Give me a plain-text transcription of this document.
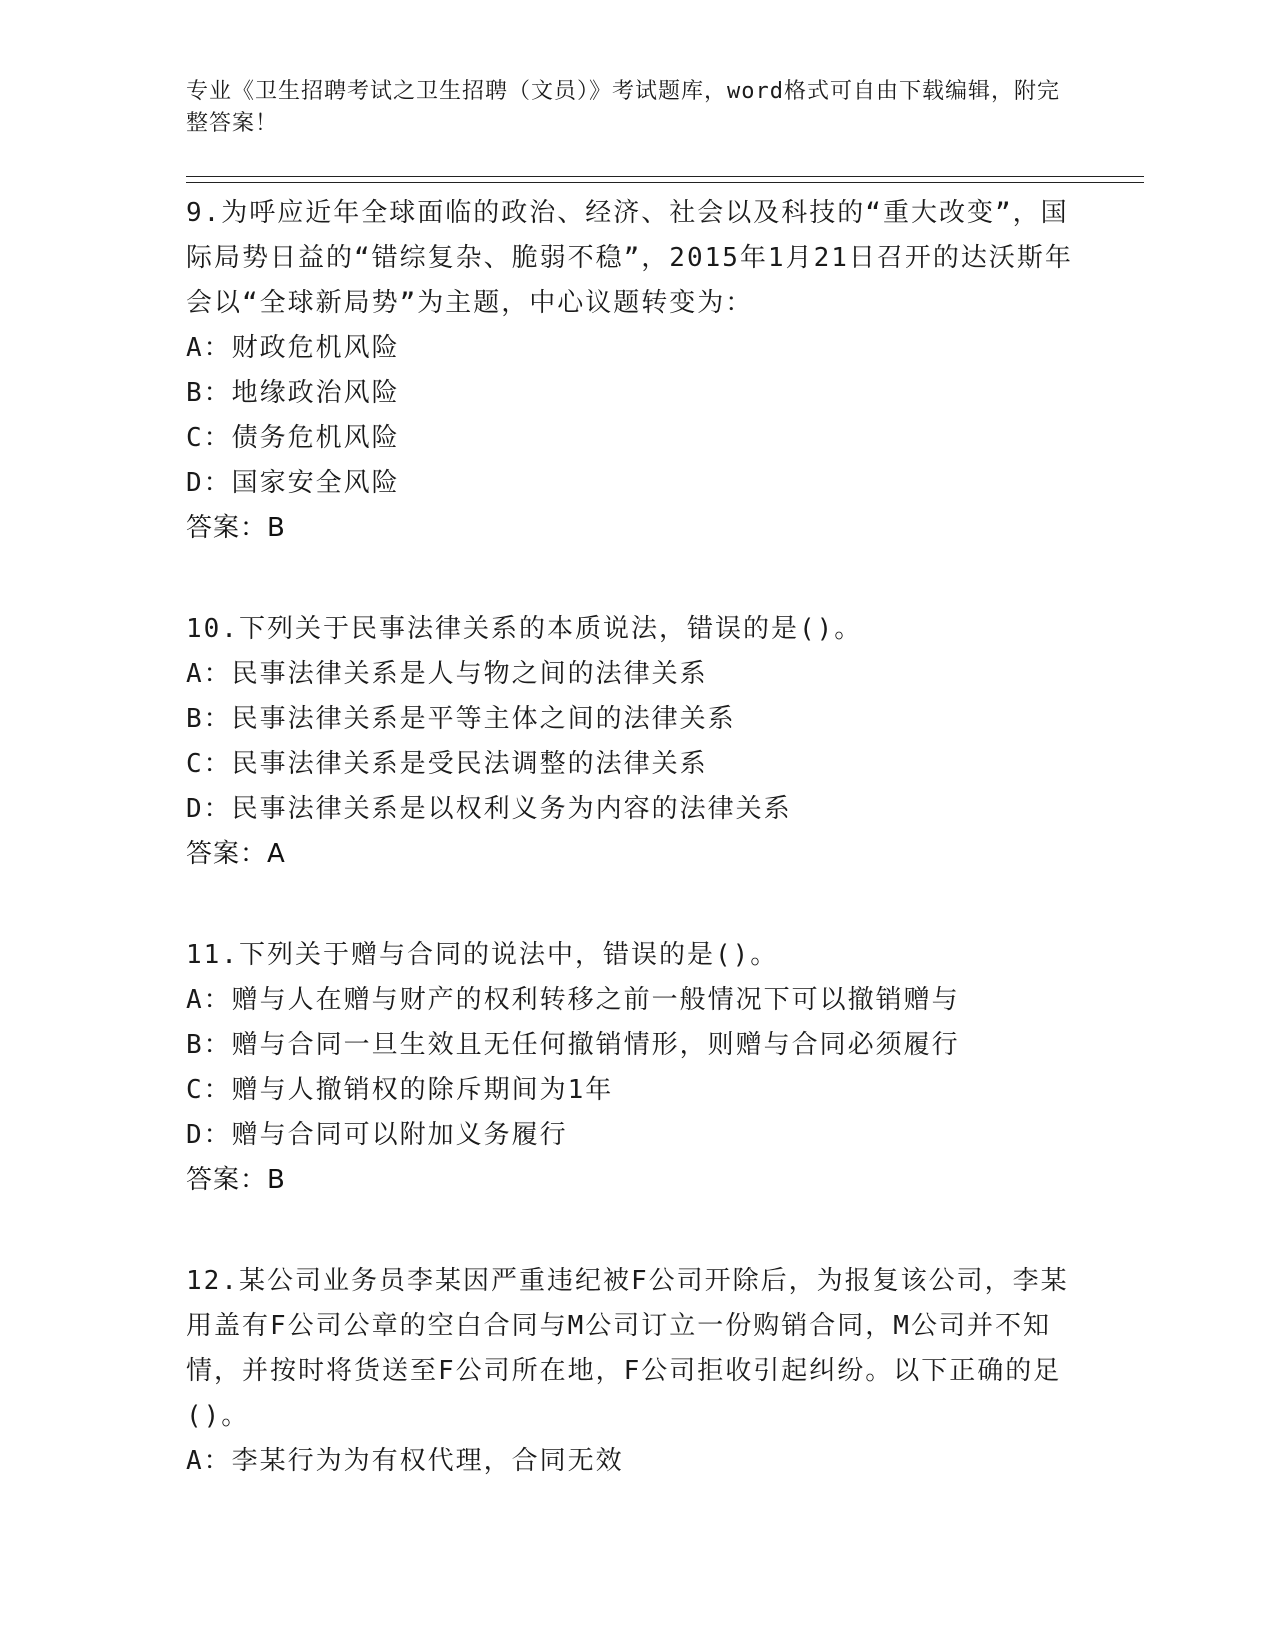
专业《卫生招聘考试之卫生招聘（文员）》考试题库，word格式可自由下载编辑，附完整答案！

9.为呼应近年全球面临的政治、经济、社会以及科技的“重大改变”，国际局势日益的“错综复杂、脆弱不稳”，2015年1月21日召开的达沃斯年会以“全球新局势”为主题，中心议题转变为：

A：财政危机风险

B：地缘政治风险

C：债务危机风险

D：国家安全风险

答案：B

10.下列关于民事法律关系的本质说法，错误的是()。

A：民事法律关系是人与物之间的法律关系

B：民事法律关系是平等主体之间的法律关系

C：民事法律关系是受民法调整的法律关系

D：民事法律关系是以权利义务为内容的法律关系

答案：A

11.下列关于赠与合同的说法中，错误的是()。

A：赠与人在赠与财产的权利转移之前一般情况下可以撤销赠与

B：赠与合同一旦生效且无任何撤销情形，则赠与合同必须履行

C：赠与人撤销权的除斥期间为1年

D：赠与合同可以附加义务履行

答案：B

12.某公司业务员李某因严重违纪被F公司开除后，为报复该公司，李某用盖有F公司公章的空白合同与M公司订立一份购销合同，M公司并不知情，并按时将货送至F公司所在地，F公司拒收引起纠纷。以下正确的足()。

A：李某行为为有权代理，合同无效
